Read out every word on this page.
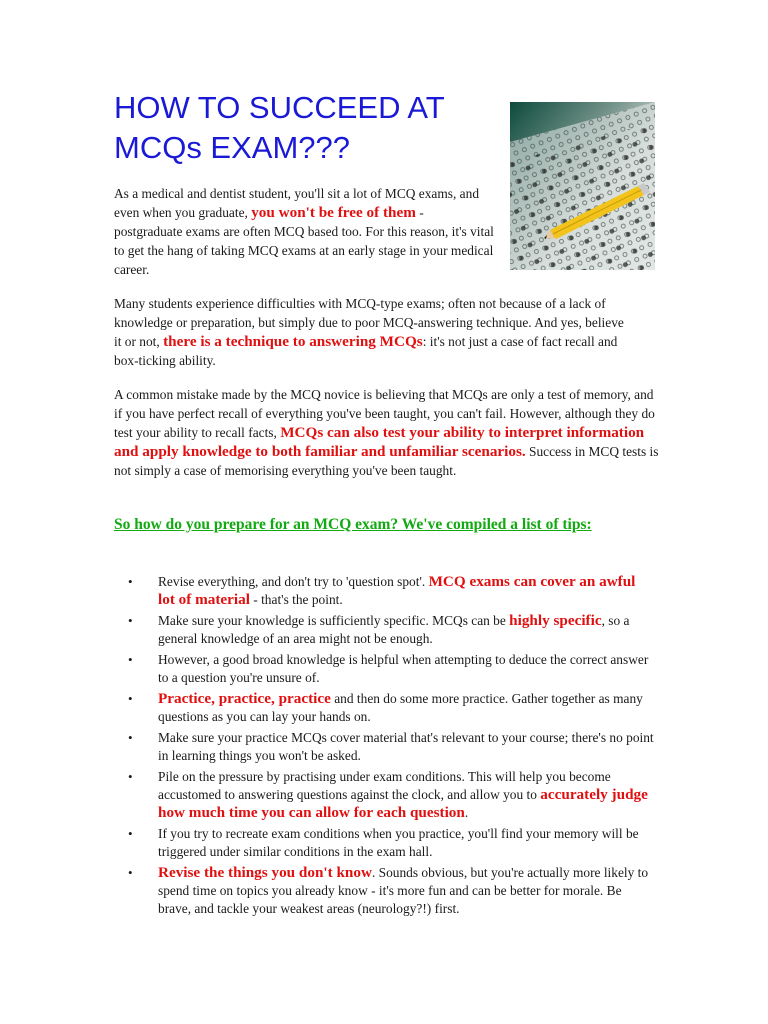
HOW TO SUCCEED AT
MCQs EXAM???

As a medical and dentist student, you'll sit a lot of MCQ exams, and even when you graduate, you won't be free of them - postgraduate exams are often MCQ based too. For this reason, it's vital to get the hang of taking MCQ exams at an early stage in your medical career.

Many students experience difficulties with MCQ-type exams; often not because of a lack of knowledge or preparation, but simply due to poor MCQ-answering technique. And yes, believe it or not, there is a technique to answering MCQs: it's not just a case of fact recall and box-ticking ability.

A common mistake made by the MCQ novice is believing that MCQs are only a test of memory, and if you have perfect recall of everything you've been taught, you can't fail. However, although they do test your ability to recall facts, MCQs can also test your ability to interpret information and apply knowledge to both familiar and unfamiliar scenarios. Success in MCQ tests is not simply a case of memorising everything you've been taught.

So how do you prepare for an MCQ exam? We've compiled a list of tips:
• Revise everything, and don't try to 'question spot'. MCQ exams can cover an awful lot of material - that's the point.
• Make sure your knowledge is sufficiently specific. MCQs can be highly specific, so a general knowledge of an area might not be enough.
• However, a good broad knowledge is helpful when attempting to deduce the correct answer to a question you're unsure of.
• Practice, practice, practice and then do some more practice. Gather together as many questions as you can lay your hands on.
• Make sure your practice MCQs cover material that's relevant to your course; there's no point in learning things you won't be asked.
• Pile on the pressure by practising under exam conditions. This will help you become accustomed to answering questions against the clock, and allow you to accurately judge how much time you can allow for each question.
• If you try to recreate exam conditions when you practice, you'll find your memory will be triggered under similar conditions in the exam hall.
• Revise the things you don't know. Sounds obvious, but you're actually more likely to spend time on topics you already know - it's more fun and can be better for morale. Be brave, and tackle your weakest areas (neurology?!) first.
